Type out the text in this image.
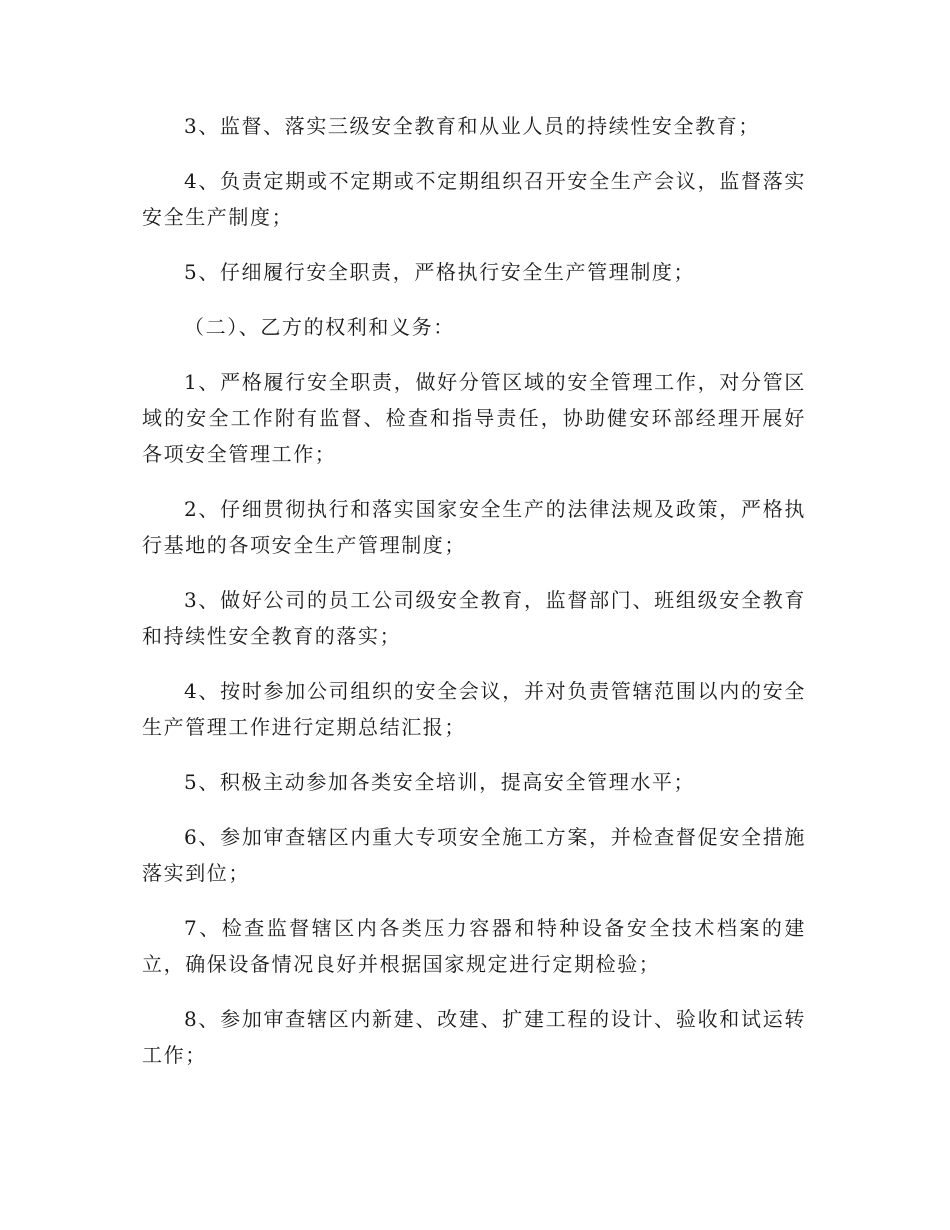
3、监督、落实三级安全教育和从业人员的持续性安全教育；

4、负责定期或不定期或不定期组织召开安全生产会议，监督落实安全生产制度；

5、仔细履行安全职责，严格执行安全生产管理制度；

（二）、乙方的权利和义务：

1、严格履行安全职责，做好分管区域的安全管理工作，对分管区域的安全工作附有监督、检查和指导责任，协助健安环部经理开展好各项安全管理工作；

2、仔细贯彻执行和落实国家安全生产的法律法规及政策，严格执行基地的各项安全生产管理制度；

3、做好公司的员工公司级安全教育，监督部门、班组级安全教育和持续性安全教育的落实；

4、按时参加公司组织的安全会议，并对负责管辖范围以内的安全生产管理工作进行定期总结汇报；

5、积极主动参加各类安全培训，提高安全管理水平；

6、参加审查辖区内重大专项安全施工方案，并检查督促安全措施落实到位；

7、检查监督辖区内各类压力容器和特种设备安全技术档案的建立，确保设备情况良好并根据国家规定进行定期检验；

8、参加审查辖区内新建、改建、扩建工程的设计、验收和试运转工作；
